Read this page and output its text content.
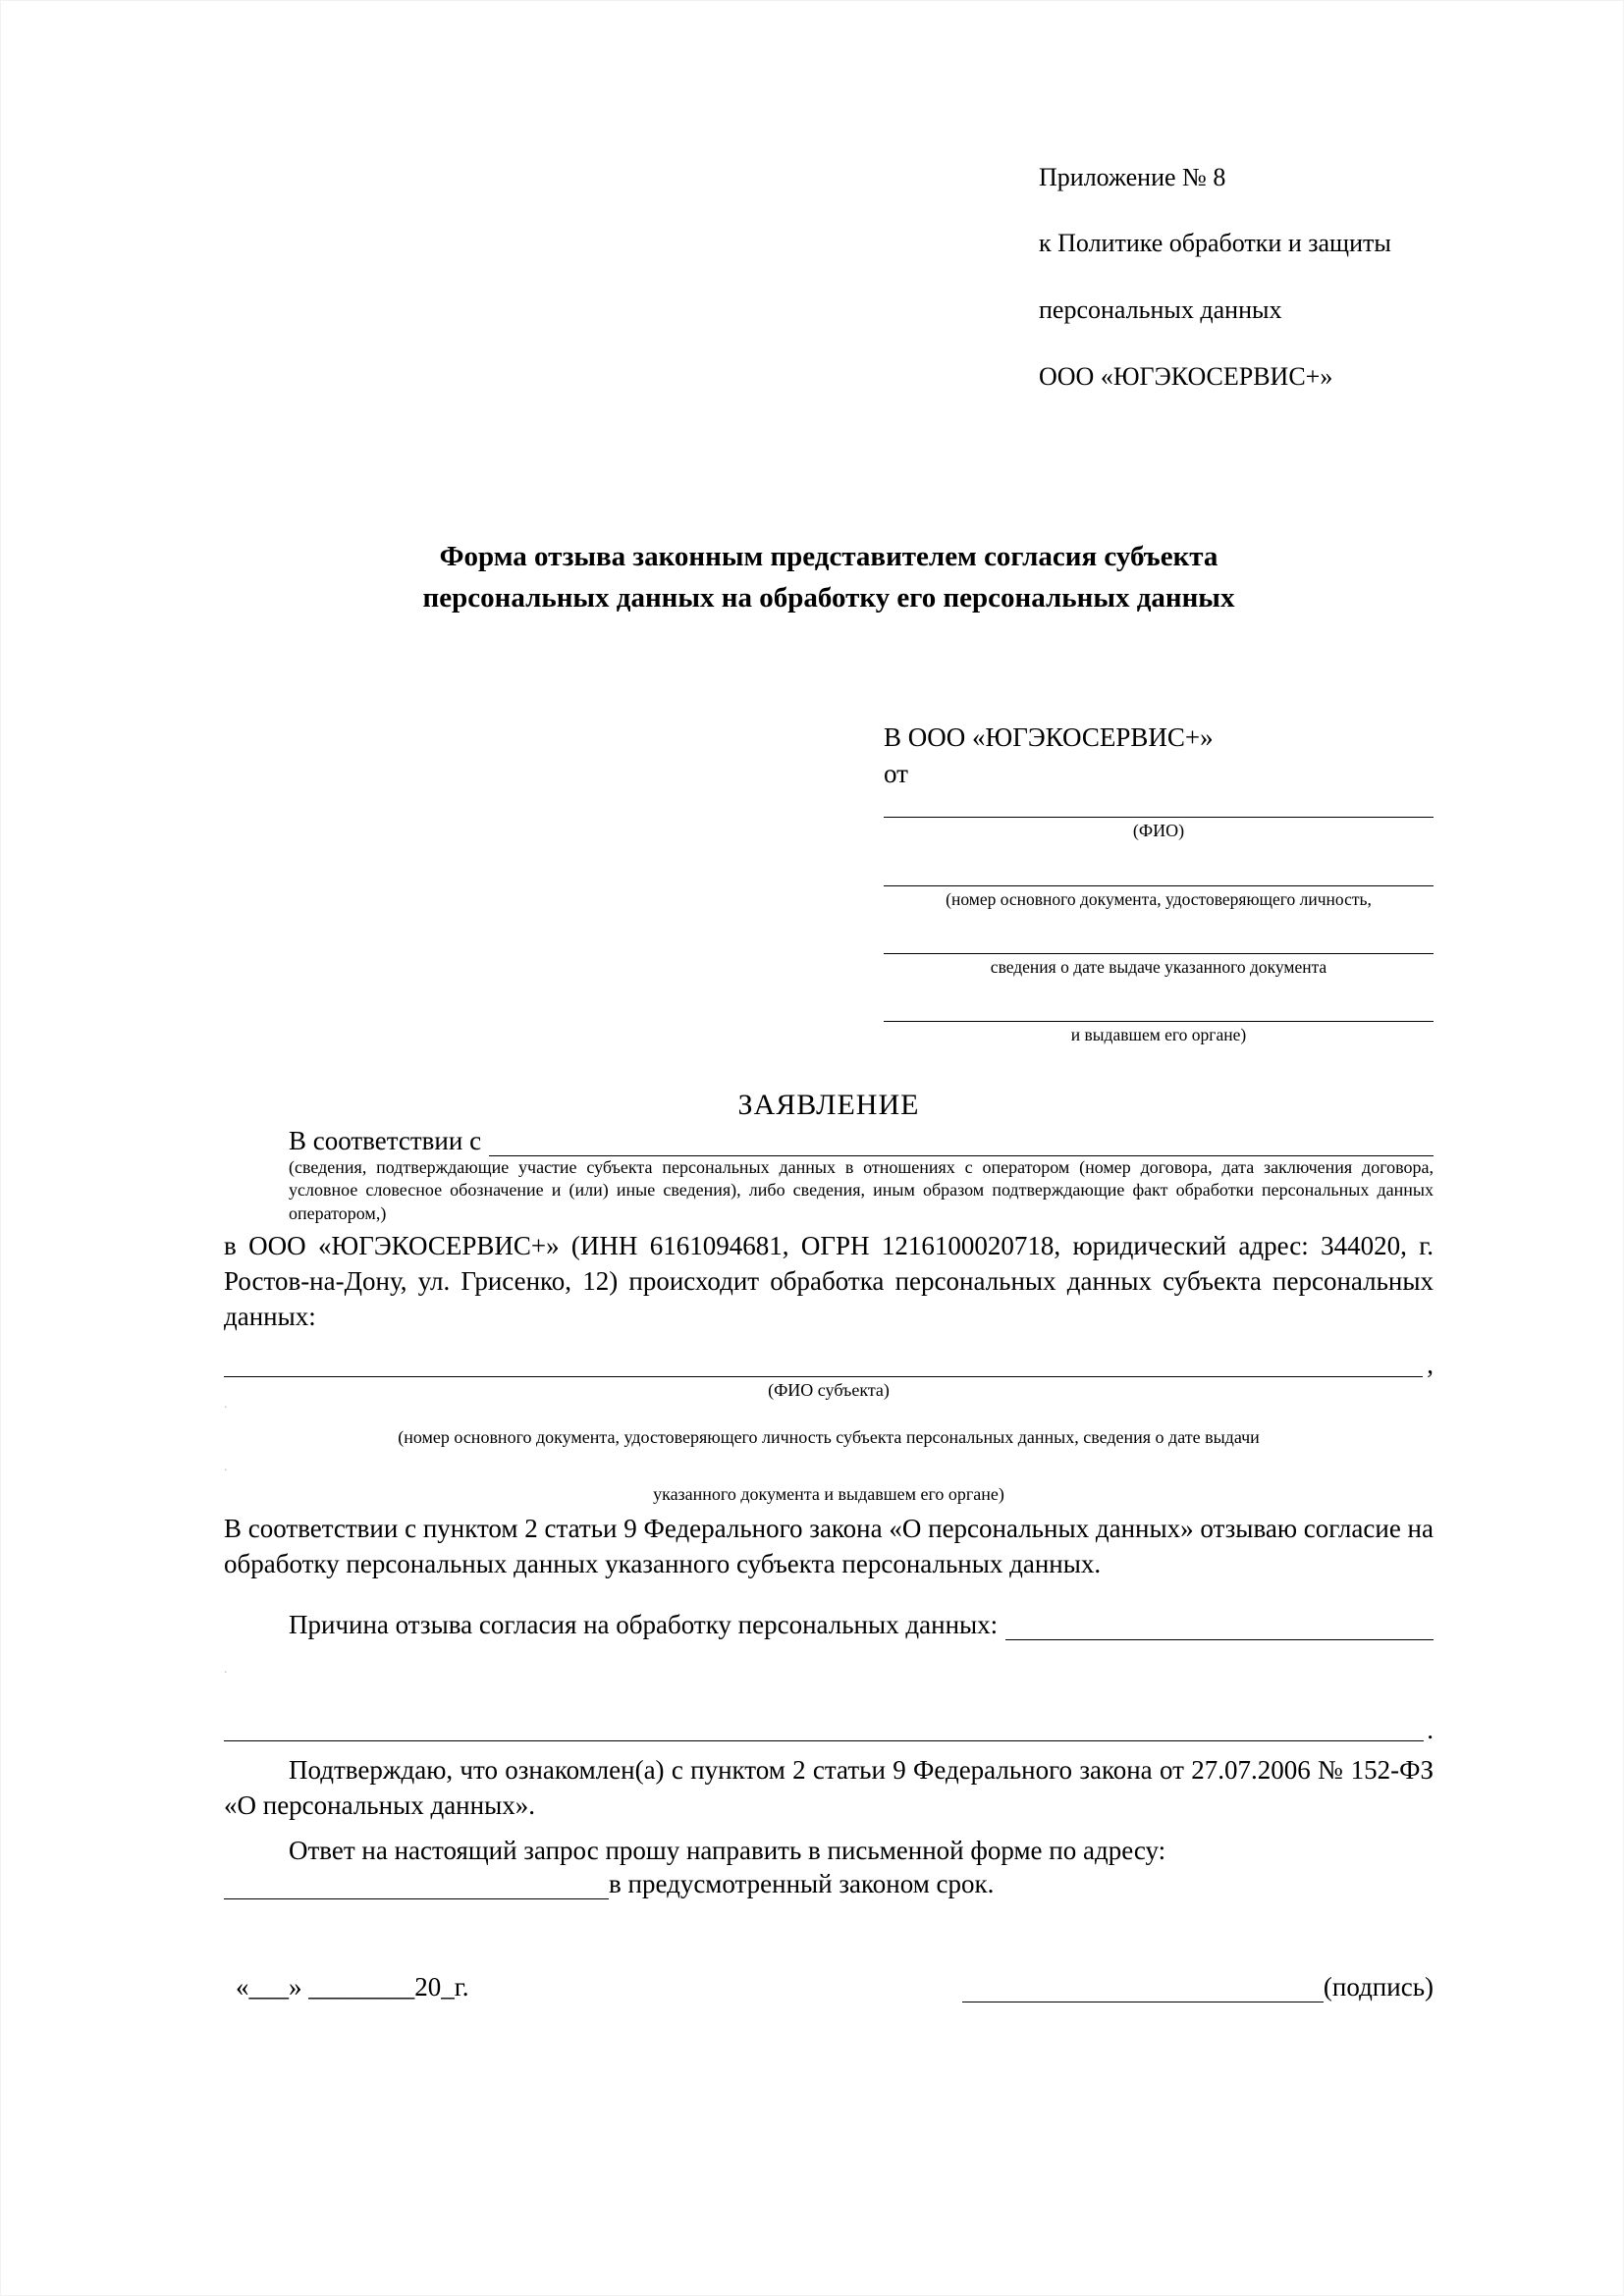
Приложение № 8

к Политике обработки и защиты

персональных данных

ООО «ЮГЭКОСЕРВИС+»

Форма отзыва законным представителем согласия субъекта
персональных данных на обработку его персональных данных
В ООО «ЮГЭКОСЕРВИС+»
от
(ФИО)
(номер основного документа, удостоверяющего личность,
сведения о дате выдачe указанного документа
и выдавшем его органе)
ЗАЯВЛЕНИЕ
В соответствии с
(сведения, подтверждающие участие субъекта персональных данных в отношениях с оператором (номер договора, дата заключения договора, условное словесное обозначение и (или) иные сведения), либо сведения, иным образом подтверждающие факт обработки персональных данных оператором,)
в ООО «ЮГЭКОСЕРВИС+» (ИНН 6161094681, ОГРН 1216100020718, юридический адрес: 344020, г. Ростов-на-Дону, ул. Грисенко, 12) происходит обработка персональных данных субъекта персональных данных:
,
(ФИО субъекта)
.
(номер основного документа, удостоверяющего личность субъекта персональных данных, сведения о дате выдачи
.
указанного документа и выдавшем его органе)
В соответствии с пунктом 2 статьи 9 Федерального закона «О персональных данных» отзываю согласие на обработку персональных данных указанного субъекта персональных данных.
Причина отзыва согласия на обработку персональных данных:
.
.
Подтверждаю, что ознакомлен(а) с пунктом 2 статьи 9 Федерального закона от 27.07.2006 № 152-ФЗ «О персональных данных».
Ответ на настоящий запрос прошу направить в письменной форме по адресу:
в предусмотренный законом срок.
«___» ________20_г.	(подпись)
